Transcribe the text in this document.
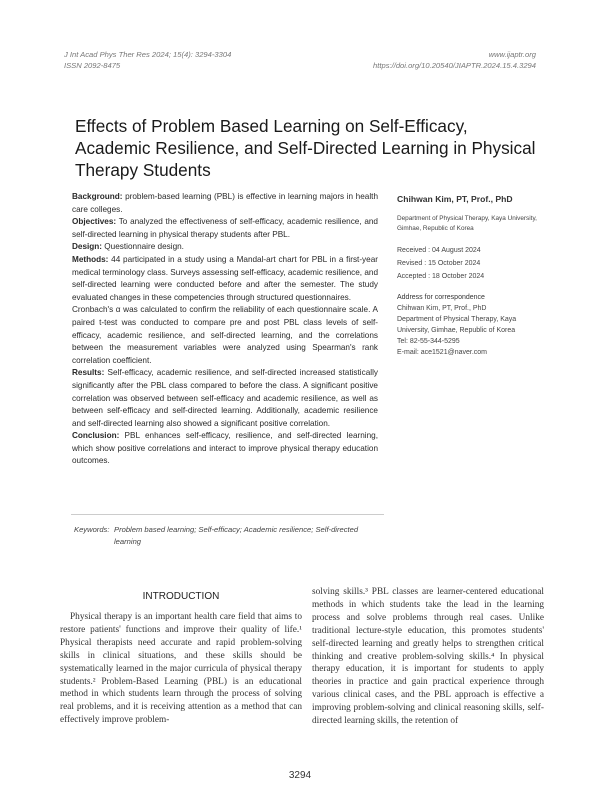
J Int Acad Phys Ther Res 2024; 15(4): 3294-3304
ISSN 2092-8475
www.ijaptr.org
https://doi.org/10.20540/JIAPTR.2024.15.4.3294
Effects of Problem Based Learning on Self-Efficacy, Academic Resilience, and Self-Directed Learning in Physical Therapy Students

Background: problem-based learning (PBL) is effective in learning majors in health care colleges.

Objectives: To analyzed the effectiveness of self-efficacy, academic resilience, and self-directed learning in physical therapy students after PBL.

Design: Questionnaire design.

Methods: 44 participated in a study using a Mandal-art chart for PBL in a first-year medical terminology class. Surveys assessing self-efficacy, academic resilience, and self-directed learning were conducted before and after the semester. The study evaluated changes in these competencies through structured questionnaires.

Cronbach's α was calculated to confirm the reliability of each questionnaire scale. A paired t-test was conducted to compare pre and post PBL class levels of self-efficacy, academic resilience, and self-directed learning, and the correlations between the measurement variables were analyzed using Spearman's rank correlation coefficient.

Results: Self-efficacy, academic resilience, and self-directed increased statistically significantly after the PBL class compared to before the class. A significant positive correlation was observed between self-efficacy and academic resilience, as well as between self-efficacy and self-directed learning. Additionally, academic resilience and self-directed learning also showed a significant positive correlation.

Conclusion: PBL enhances self-efficacy, resilience, and self-directed learning, which show positive correlations and interact to improve physical therapy education outcomes.

Chihwan Kim, PT, Prof., PhD
Department of Physical Therapy, Kaya University, Gimhae, Republic of Korea
Received : 04 August 2024
Revised : 15 October 2024
Accepted : 18 October 2024
Address for correspondence
Chihwan Kim, PT, Prof., PhD
Department of Physical Therapy, Kaya University, Gimhae, Republic of Korea
Tel: 82-55-344-5295
E-mail: ace1521@naver.com
Keywords: Problem based learning; Self-efficacy; Academic resilience; Self-directed learning
INTRODUCTION

Physical therapy is an important health care field that aims to restore patients' functions and improve their quality of life.¹ Physical therapists need accurate and rapid problem-solving skills in clinical situations, and these skills should be systematically learned in the major curricula of physical therapy students.² Problem-Based Learning (PBL) is an educational method in which students learn through the process of solving real problems, and it is receiving attention as a method that can effectively improve problem-

solving skills.³ PBL classes are learner-centered educational methods in which students take the lead in the learning process and solve problems through real cases. Unlike traditional lecture-style education, this promotes students' self-directed learning and greatly helps to strengthen critical thinking and creative problem-solving skills.⁴ In physical therapy education, it is important for students to apply theories in practice and gain practical experience through various clinical cases, and the PBL approach is effective a improving problem-solving and clinical reasoning skills, self-directed learning skills, the retention of

3294
